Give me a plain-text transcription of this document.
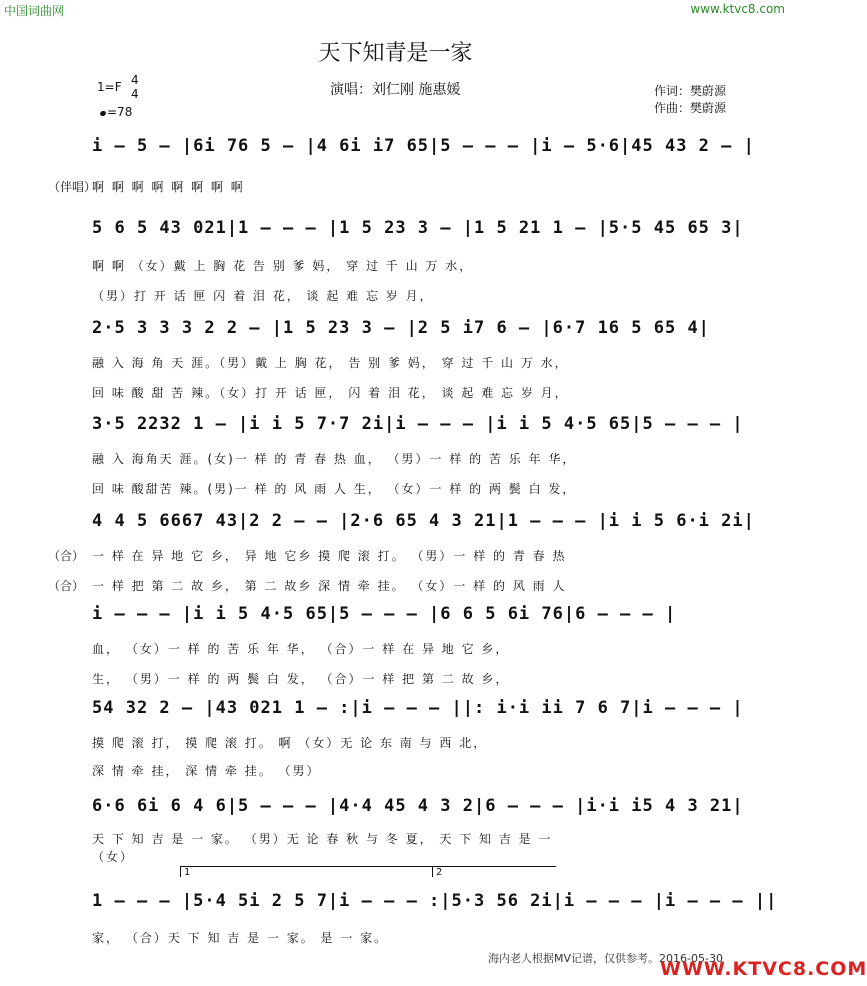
中国词曲网	www.ktvc8.com
天下知青是一家
演唱：刘仁刚 施惠媛	作词：樊蔚源
作曲：樊蔚源
1=F 4
4
=78
i – 5 – |6i 76 5 – |4 6i i7 65|5 – – – |i – 5·6|45 43 2 – |
（伴唱）
啊 啊 啊 啊 啊 啊 啊 啊
5 6 5 43 021|1 – – – |1 5 23 3 – |1 5 21 1 – |5·5 45 65 3|
啊 啊 （女）戴 上 胸 花 告 别 爹 妈， 穿 过 千 山 万 水，
（男）打 开 话 匣 闪 着 泪 花， 谈 起 难 忘 岁 月，
2·5 3 3 3 2 2 – |1 5 23 3 – |2 5 i7 6 – |6·7 16 5 65 4|
融 入 海 角 天 涯。（男）戴 上 胸 花， 告 别 爹 妈， 穿 过 千 山 万 水，
回 味 酸 甜 苦 辣。（女）打 开 话 匣， 闪 着 泪 花， 谈 起 难 忘 岁 月，
3·5 2232 1 – |i i 5 7·7 2i|i – – – |i i 5 4·5 65|5 – – – |
融 入 海角天 涯。(女)一 样 的 青 春 热 血， （男）一 样 的 苦 乐 年 华，
回 味 酸甜苦 辣。(男)一 样 的 风 雨 人 生， （女）一 样 的 两 鬓 白 发，
4 4 5 6667 43|2 2 – – |2·6 65 4 3 21|1 – – – |i i 5 6·i 2i|
（合） 一 样 在 异 地 它 乡， 异 地 它乡 摸 爬 滚 打。 （男）一 样 的 青 春 热
（合） 一 样 把 第 二 故 乡， 第 二 故乡 深 情 牵 挂。 （女）一 样 的 风 雨 人
i – – – |i i 5 4·5 65|5 – – – |6 6 5 6i 76|6 – – – |
血， （女）一 样 的 苦 乐 年 华， （合）一 样 在 异 地 它 乡，
生， （男）一 样 的 两 鬓 白 发， （合）一 样 把 第 二 故 乡，
54 32 2 – |43 021 1 – :|i – – – ||: i·i ii 7 6 7|i – – – |
摸 爬 滚 打， 摸 爬 滚 打。 啊 （女）无 论 东 南 与 西 北，
深 情 牵 挂， 深 情 牵 挂。 （男）
6·6 6i 6 4 6|5 – – – |4·4 45 4 3 2|6 – – – |i·i i5 4 3 21|
天 下 知 吉 是 一 家。 （男）无 论 春 秋 与 冬 夏， 天 下 知 吉 是 一
（女）
1 – – – |5·4 5i 2 5 7|i – – – :|5·3 56 2i|i – – – |i – – – ||
家， （合）天 下 知 吉 是 一 家。 是 一 家。
1	2
海内老人根据MV记谱，仅供参考。2016-05-30
WWW.KTVC8.COM
